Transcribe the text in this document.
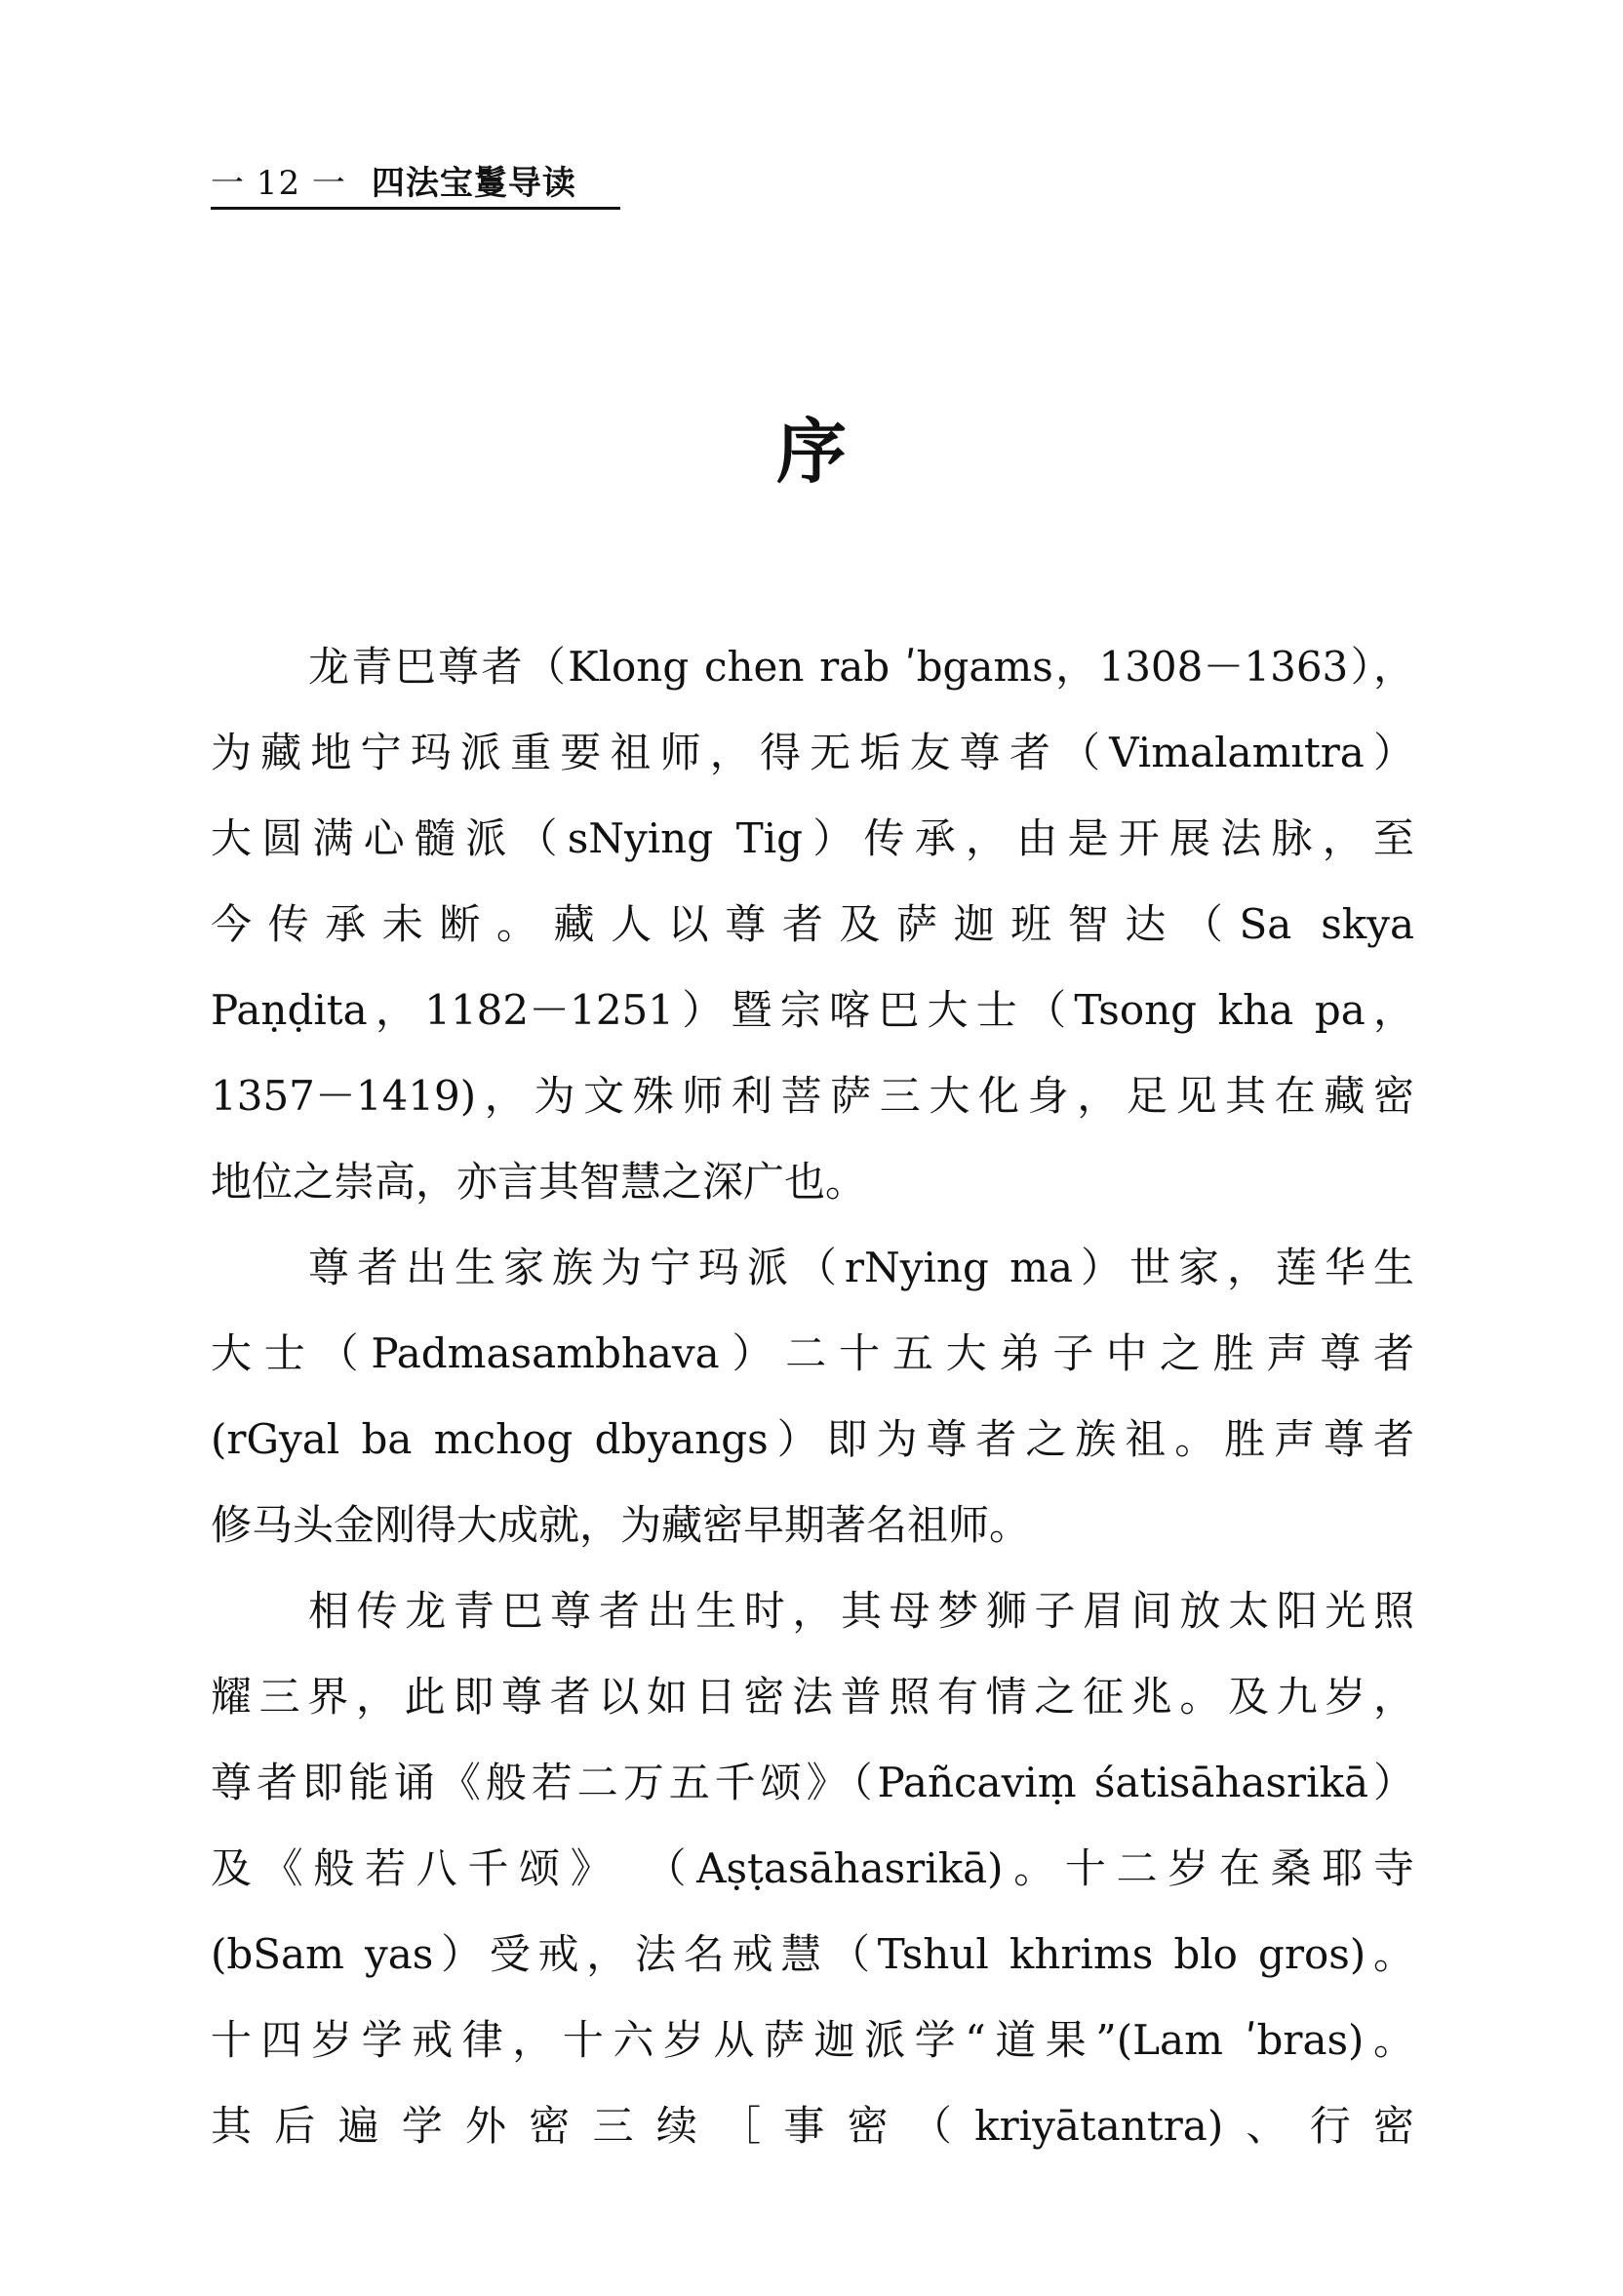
一 12 一 四法宝鬘导读
序
龙青巴尊者（Klong chen rab ʹbgams，1308－1363），
为藏地宁玛派重要祖师，得无垢友尊者（Vimalamıtra）
大圆满心髓派（sNying Tig）传承，由是开展法脉，至
今传承未断。藏人以尊者及萨迦班智达（Sa skya
Paṇḍita，1182－1251）暨宗喀巴大士（Tsong kha pa，
1357－1419)，为文殊师利菩萨三大化身，足见其在藏密
地位之崇高，亦言其智慧之深广也。
尊者出生家族为宁玛派（rNying ma）世家，莲华生
大士（Padmasambhava）二十五大弟子中之胜声尊者
(rGyal ba mchog dbyangs）即为尊者之族祖。胜声尊者
修马头金刚得大成就，为藏密早期著名祖师。
相传龙青巴尊者出生时，其母梦狮子眉间放太阳光照
耀三界，此即尊者以如日密法普照有情之征兆。及九岁，
尊者即能诵《般若二万五千颂》（Pañcaviṃ śatisāhasrikā）
及《般若八千颂》 （Aṣṭasāhasrikā)。十二岁在桑耶寺
(bSam yas）受戒，法名戒慧（Tshul khrims blo gros)。
十四岁学戒律，十六岁从萨迦派学“道果”(Lam ʹbras)。
其后遍学外密三续［事密（kriyātantra)、行密
